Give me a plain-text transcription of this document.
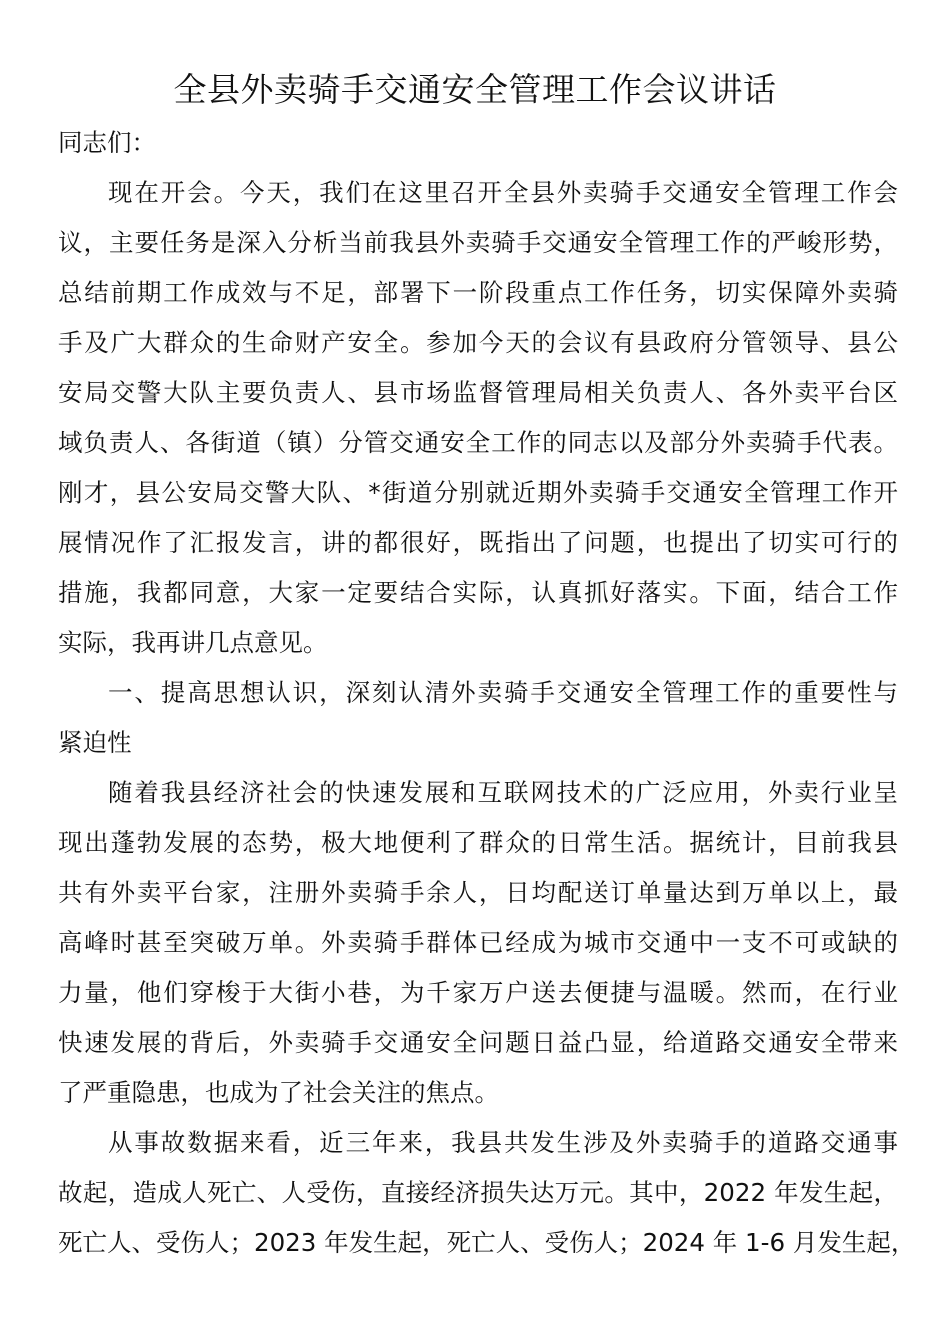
全县外卖骑手交通安全管理工作会议讲话
同志们：
现在开会。今天，我们在这里召开全县外卖骑手交通安全管理工作会
议，主要任务是深入分析当前我县外卖骑手交通安全管理工作的严峻形势，
总结前期工作成效与不足，部署下一阶段重点工作任务，切实保障外卖骑
手及广大群众的生命财产安全。参加今天的会议有县政府分管领导、县公
安局交警大队主要负责人、县市场监督管理局相关负责人、各外卖平台区
域负责人、各街道（镇）分管交通安全工作的同志以及部分外卖骑手代表。
刚才，县公安局交警大队、*街道分别就近期外卖骑手交通安全管理工作开
展情况作了汇报发言，讲的都很好，既指出了问题，也提出了切实可行的
措施，我都同意，大家一定要结合实际，认真抓好落实。下面，结合工作
实际，我再讲几点意见。
一、提高思想认识，深刻认清外卖骑手交通安全管理工作的重要性与
紧迫性
随着我县经济社会的快速发展和互联网技术的广泛应用，外卖行业呈
现出蓬勃发展的态势，极大地便利了群众的日常生活。据统计，目前我县
共有外卖平台家，注册外卖骑手余人，日均配送订单量达到万单以上，最
高峰时甚至突破万单。外卖骑手群体已经成为城市交通中一支不可或缺的
力量，他们穿梭于大街小巷，为千家万户送去便捷与温暖。然而，在行业
快速发展的背后，外卖骑手交通安全问题日益凸显，给道路交通安全带来
了严重隐患，也成为了社会关注的焦点。
从事故数据来看，近三年来，我县共发生涉及外卖骑手的道路交通事
故起，造成人死亡、人受伤，直接经济损失达万元。其中，2022 年发生起，
死亡人、受伤人；2023 年发生起，死亡人、受伤人；2024 年 1-6 月发生起，
